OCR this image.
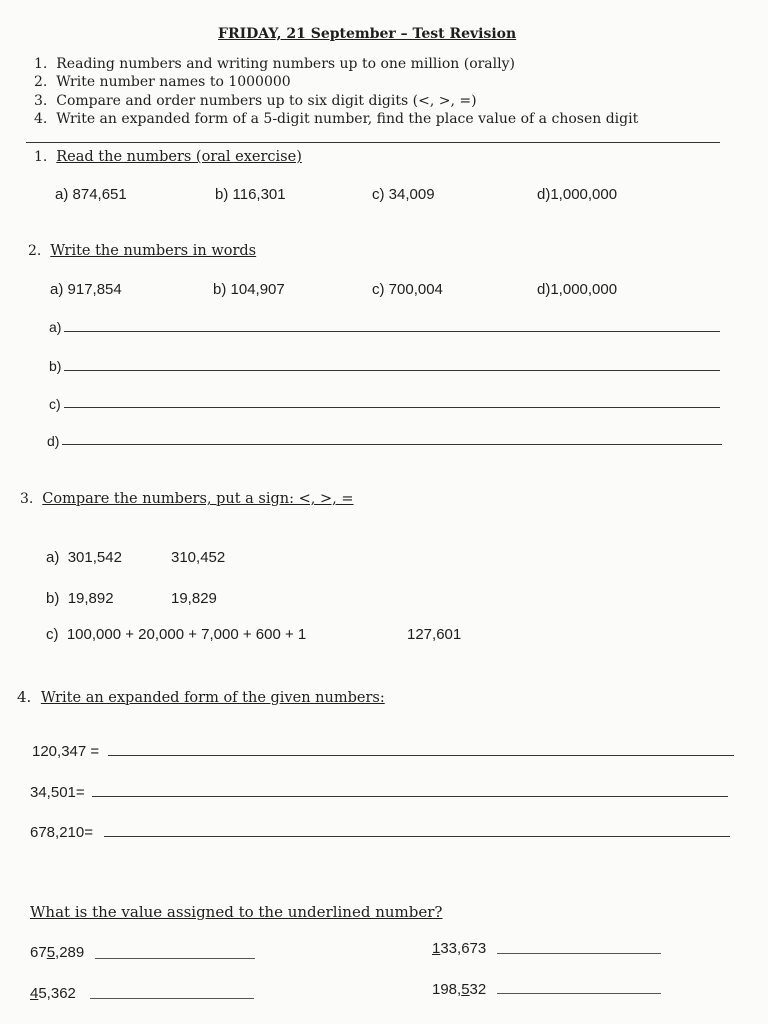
FRIDAY, 21 September – Test Revision
1. Reading numbers and writing numbers up to one million (orally)
2. Write number names to 1000000
3. Compare and order numbers up to six digit digits (<, >, =)
4. Write an expanded form of a 5-digit number, find the place value of a chosen digit
1. Read the numbers (oral exercise)
a) 874,651	b) 116,301	c) 34,009	d)1,000,000
2. Write the numbers in words
a) 917,854	b) 104,907	c) 700,004	d)1,000,000
a)
b)
c)
d)
3. Compare the numbers, put a sign: <, >, =
a) 301,542	310,452
b) 19,892	19,829
c) 100,000 + 20,000 + 7,000 + 600 + 1	127,601
4. Write an expanded form of the given numbers:
120,347 =
34,501=
678,210=
What is the value assigned to the underlined number?
675,289	133,673
45,362	198,532
